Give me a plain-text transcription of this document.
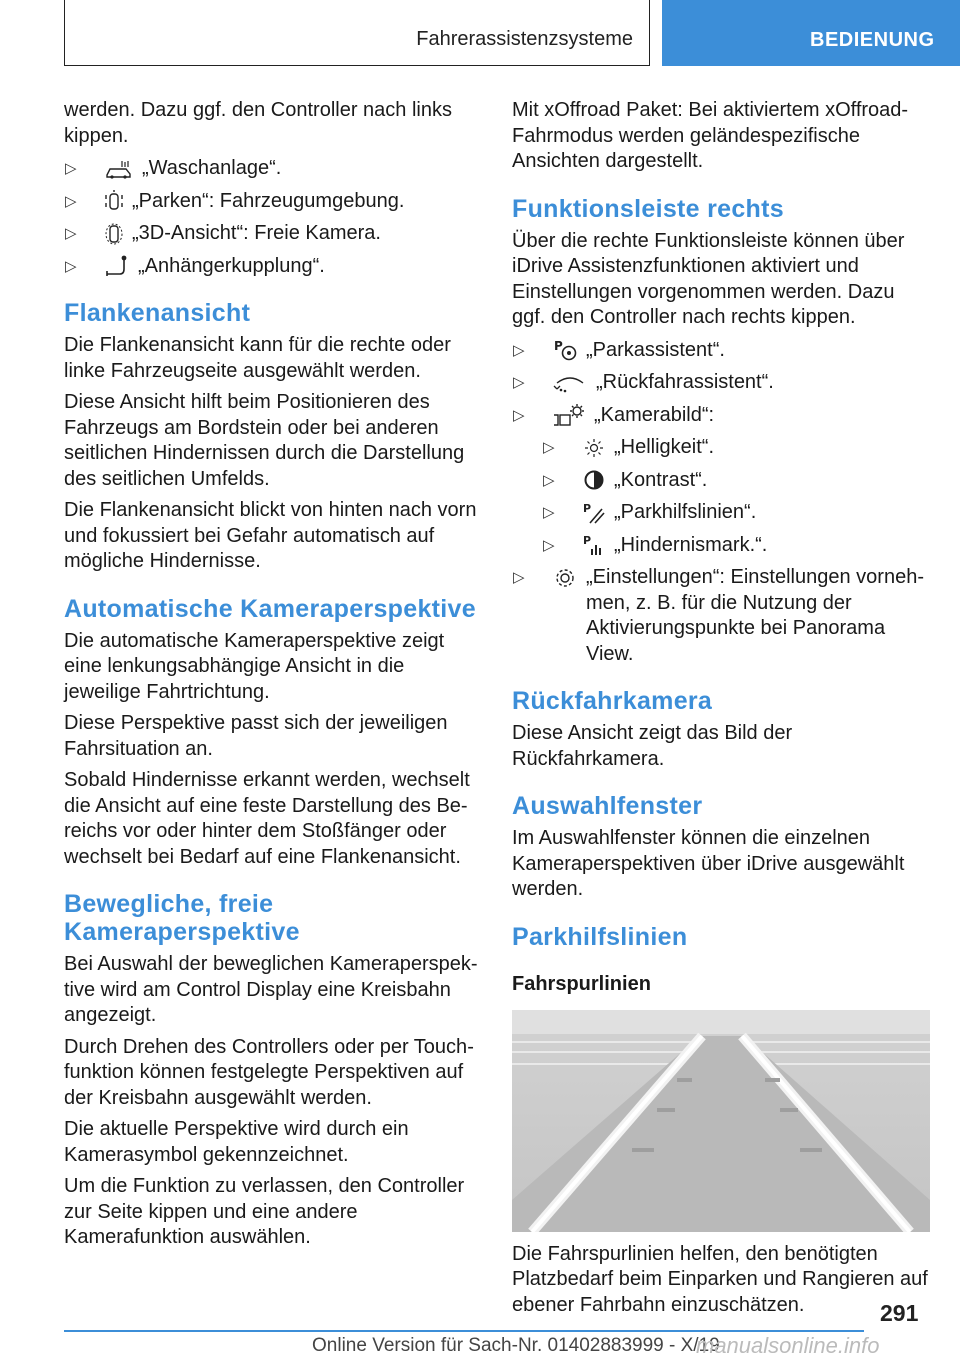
Fahrerassistenzsysteme	BEDIENUNG

werden. Dazu ggf. den Controller nach links kippen.

▷	„Waschanlage“.
▷	„Parken“: Fahrzeugumgebung.
▷	„3D-Ansicht“: Freie Kamera.
▷	„Anhängerkupplung“.
Flankenansicht

Die Flankenansicht kann für die rechte oder linke Fahrzeugseite ausgewählt werden.

Diese Ansicht hilft beim Positionieren des Fahrzeugs am Bordstein oder bei anderen seitlichen Hindernissen durch die Darstellung des seitlichen Umfelds.

Die Flankenansicht blickt von hinten nach vorn und fokussiert bei Gefahr automatisch auf mögliche Hindernisse.

Automatische Kameraperspektive

Die automatische Kameraperspektive zeigt eine lenkungsabhängige Ansicht in die jeweilige Fahrtrichtung.

Diese Perspektive passt sich der jeweiligen Fahrsituation an.

Sobald Hindernisse erkannt werden, wechselt die Ansicht auf eine feste Darstellung des Bereichs vor oder hinter dem Stoßfänger oder wechselt bei Bedarf auf eine Flankenansicht.

Bewegliche, freie
Kameraperspektive

Bei Auswahl der beweglichen Kameraperspektive wird am Control Display eine Kreisbahn angezeigt.

Durch Drehen des Controllers oder per Touchfunktion können festgelegte Perspektiven auf der Kreisbahn ausgewählt werden.

Die aktuelle Perspektive wird durch ein Kamerasymbol gekennzeichnet.

Um die Funktion zu verlassen, den Controller zur Seite kippen und eine andere Kamerafunktion auswählen.

Mit xOffroad Paket: Bei aktiviertem xOffroad-Fahrmodus werden geländespezifische Ansichten dargestellt.

Funktionsleiste rechts

Über die rechte Funktionsleiste können über iDrive Assistenzfunktionen aktiviert und Einstellungen vorgenommen werden. Dazu ggf. den Controller nach rechts kippen.

▷	P „Parkassistent“.
▷	„Rückfahrassistent“.
▷	„Kamerabild“:
▷	„Helligkeit“.
▷	„Kontrast“.
▷	P „Parkhilfslinien“.
▷	P „Hindernismark.“.
▷	„Einstellungen“: Einstellungen vornehmen, z. B. für die Nutzung der Aktivierungspunkte bei Panorama View.
Rückfahrkamera

Diese Ansicht zeigt das Bild der Rückfahrkamera.

Auswahlfenster

Im Auswahlfenster können die einzelnen Kameraperspektiven über iDrive ausgewählt werden.

Parkhilfslinien
Fahrspurlinien

Die Fahrspurlinien helfen, den benötigten Platzbedarf beim Einparken und Rangieren auf ebener Fahrbahn einzuschätzen.	291
Online Version für Sach-Nr. 01402883999 - X/19
manualsonline.info
